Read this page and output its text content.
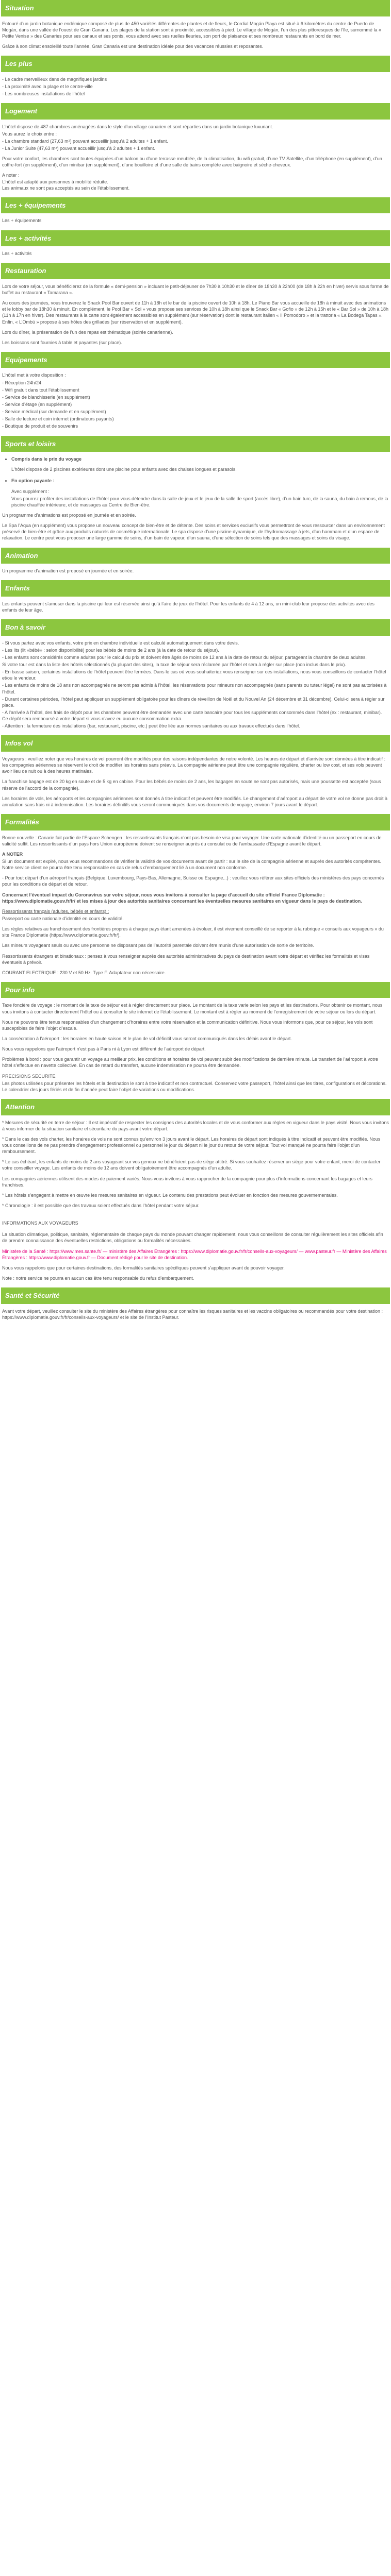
Situation

Entouré d’un jardin botanique endémique composé de plus de 450 variétés différentes de plantes et de fleurs, le Cordial Mogán Playa est situé à 6 kilomètres du centre de Puerto de Mogán, dans une vallée de l’ouest de Gran Canaria. Les plages de la station sont à proximité, accessibles à pied. Le village de Mogán, l’un des plus pittoresques de l’île, surnommé la « Petite Venise » des Canaries pour ses canaux et ses ponts, vous attend avec ses ruelles fleuries, son port de plaisance et ses nombreux restaurants en bord de mer.

Grâce à son climat ensoleillé toute l’année, Gran Canaria est une destination idéale pour des vacances réussies et reposantes.

Les plus

- Le cadre merveilleux dans de magnifiques jardins

- La proximité avec la plage et le centre-ville

- Les nombreuses installations de l’hôtel

Logement

L’hôtel dispose de 487 chambres aménagées dans le style d’un village canarien et sont réparties dans un jardin botanique luxuriant.

Vous aurez le choix entre :

- La chambre standard (27,63 m²) pouvant accueillir jusqu’à 2 adultes + 1 enfant.

- La Junior Suite (47,63 m²) pouvant accueillir jusqu’à 2 adultes + 1 enfant.

Pour votre confort, les chambres sont toutes équipées d’un balcon ou d’une terrasse meublée, de la climatisation, du wifi gratuit, d’une TV Satellite, d’un téléphone (en supplément), d’un coffre-fort (en supplément), d’un minibar (en supplément), d’une bouilloire et d’une salle de bains complète avec baignoire et sèche-cheveux.

A noter :
L’hôtel est adapté aux personnes à mobilité réduite.
Les animaux ne sont pas acceptés au sein de l’établissement.

Les + équipements

Les + équipements

Les + activités

Les + activités

Restauration

Lors de votre séjour, vous bénéficierez de la formule « demi-pension » incluant le petit-déjeuner de 7h30 à 10h30 et le dîner de 18h30 à 22h00 (de 18h à 22h en hiver) servis sous forme de buffet au restaurant « Tamarana ».

Au cours des journées, vous trouverez le Snack Pool Bar ouvert de 11h à 18h et le bar de la piscine ouvert de 10h à 18h. Le Piano Bar vous accueille de 18h à minuit avec des animations et le lobby bar de 18h30 à minuit. En complément, le Pool Bar « Sol » vous propose ses services de 10h à 18h ainsi que le Snack Bar « Gofio » de 12h à 15h et le « Bar Sol » de 10h à 18h (11h à 17h en hiver). Des restaurants à la carte sont également accessibles en supplément (sur réservation) dont le restaurant italien « Il Pomodoro » et la trattoria « La Bodega Tapas ». Enfin, « L’Ombú » propose à ses hôtes des grillades (sur réservation et en supplément).

Lors du dîner, la présentation de l’un des repas est thématique (soirée canarienne).

Les boissons sont fournies à table et payantes (sur place).

Equipements

L’hôtel met à votre disposition :

- Réception 24h/24

- Wifi gratuit dans tout l’établissement

- Service de blanchisserie (en supplément)

- Service d’étage (en supplément)

- Service médical (sur demande et en supplément)

- Salle de lecture et coin internet (ordinateurs payants)

- Boutique de produit et de souvenirs

Sports et loisirs
• Compris dans le prix du voyage

L’hôtel dispose de 2 piscines extérieures dont une piscine pour enfants avec des chaises longues et parasols.

• En option payante :

Avec supplément :

Vous pourrez profiter des installations de l’hôtel pour vous détendre dans la salle de jeux et le jeux de la salle de sport (accès libre), d’un bain turc, de la sauna, du bain à remous, de la piscine chauffée intérieure, et de massages au Centre de Bien-être.

Un programme d’animations est proposé en journée et en soirée.

Le Spa l’Aqua (en supplément) vous propose un nouveau concept de bien-être et de détente. Des soins et services exclusifs vous permettront de vous ressourcer dans un environnement préservé de bien-être et grâce aux produits naturels de cosmétique internationale. Le spa dispose d’une piscine dynamique, de l’hydromassage à jets, d’un hammam et d’un espace de relaxation. Le centre peut vous proposer une large gamme de soins, d’un bain de vapeur, d’un sauna, d’une sélection de soins tels que des massages et soins du visage.

Animation

Un programme d’animation est proposé en journée et en soirée.

Enfants

Les enfants peuvent s’amuser dans la piscine qui leur est réservée ainsi qu’à l’aire de jeux de l’hôtel. Pour les enfants de 4 à 12 ans, un mini-club leur propose des activités avec des enfants de leur âge.

Bon à savoir

- Si vous partez avec vos enfants, votre prix en chambre individuelle est calculé automatiquement dans votre devis.

- Les lits (lit «bébé» : selon disponibilité) pour les bébés de moins de 2 ans (à la date de retour du séjour).

- Les enfants sont considérés comme adultes pour le calcul du prix et doivent être âgés de moins de 12 ans à la date de retour du séjour, partageant la chambre de deux adultes.

Si votre tour est dans la liste des hôtels sélectionnés (la plupart des sites), la taxe de séjour sera réclamée par l’hôtel et sera à régler sur place (non inclus dans le prix).

- En basse saison, certaines installations de l’hôtel peuvent être fermées. Dans le cas où vous souhaiteriez vous renseigner sur ces installations, nous vous conseillons de contacter l’hôtel et/ou le vendeur.

- Les enfants de moins de 18 ans non accompagnés ne seront pas admis à l’hôtel, les réservations pour mineurs non accompagnés (sans parents ou tuteur légal) ne sont pas autorisées à l’hôtel.

- Durant certaines périodes, l’hôtel peut appliquer un supplément obligatoire pour les dîners de réveillon de Noël et du Nouvel An (24 décembre et 31 décembre). Celui-ci sera à régler sur place.

- A l’arrivée à l’hôtel, des frais de dépôt pour les chambres peuvent être demandés avec une carte bancaire pour tous les suppléments consommés dans l’hôtel (ex : restaurant, minibar). Ce dépôt sera remboursé à votre départ si vous n’avez eu aucune consommation extra.

- Attention : la fermeture des installations (bar, restaurant, piscine, etc.) peut être liée aux normes sanitaires ou aux travaux effectués dans l’hôtel.

Infos vol

Voyageurs : veuillez noter que vos horaires de vol pourront être modifiés pour des raisons indépendantes de notre volonté. Les heures de départ et d’arrivée sont données à titre indicatif : les compagnies aériennes se réservent le droit de modifier les horaires sans préavis. La compagnie aérienne peut être une compagnie régulière, charter ou low cost, et ses vols peuvent avoir lieu de nuit ou à des heures matinales.

La franchise bagage est de 20 kg en soute et de 5 kg en cabine. Pour les bébés de moins de 2 ans, les bagages en soute ne sont pas autorisés, mais une poussette est acceptée (sous réserve de l’accord de la compagnie).

Les horaires de vols, les aéroports et les compagnies aériennes sont donnés à titre indicatif et peuvent être modifiés. Le changement d’aéroport au départ de votre vol ne donne pas droit à annulation sans frais ni à indemnisation. Les horaires définitifs vous seront communiqués dans vos documents de voyage, environ 7 jours avant le départ.

Formalités

Bonne nouvelle : Canarie fait partie de l’Espace Schengen : les ressortissants français n’ont pas besoin de visa pour voyager. Une carte nationale d’identité ou un passeport en cours de validité suffit. Les ressortissants d’un pays hors Union européenne doivent se renseigner auprès du consulat ou de l’ambassade d’Espagne avant le départ.

A NOTER

Si un document est expiré, nous vous recommandons de vérifier la validité de vos documents avant de partir : sur le site de la compagnie aérienne et auprès des autorités compétentes. Notre service client ne pourra être tenu responsable en cas de refus d’embarquement lié à un document non conforme.

- Pour tout départ d’un aéroport français (Belgique, Luxembourg, Pays-Bas, Allemagne, Suisse ou Espagne...) : veuillez vous référer aux sites officiels des ministères des pays concernés pour les conditions de départ et de retour.

Concernant l’éventuel impact du Coronavirus sur votre séjour, nous vous invitons à consulter la page d’accueil du site officiel France Diplomatie : https://www.diplomatie.gouv.fr/fr/ et les mises à jour des autorités sanitaires concernant les éventuelles mesures sanitaires en vigueur dans le pays de destination.

Ressortissants français (adultes, bébés et enfants) :

Passeport ou carte nationale d’identité en cours de validité.

Les règles relatives au franchissement des frontières propres à chaque pays étant amenées à évoluer, il est vivement conseillé de se reporter à la rubrique « conseils aux voyageurs » du site France Diplomatie (https://www.diplomatie.gouv.fr/fr/).

Les mineurs voyageant seuls ou avec une personne ne disposant pas de l’autorité parentale doivent être munis d’une autorisation de sortie de territoire.

Ressortissants étrangers et binationaux : pensez à vous renseigner auprès des autorités administratives du pays de destination avant votre départ et vérifiez les formalités et visas éventuels à prévoir.

COURANT ELECTRIQUE : 230 V et 50 Hz. Type F. Adaptateur non nécessaire.

Pour info

Taxe foncière de voyage : le montant de la taxe de séjour est à régler directement sur place. Le montant de la taxe varie selon les pays et les destinations. Pour obtenir ce montant, nous vous invitons à contacter directement l’hôtel ou à consulter le site internet de l’établissement. Le montant est à régler au moment de l’enregistrement de votre séjour ou lors du départ.

Nous ne pouvons être tenus responsables d’un changement d’horaires entre votre réservation et la communication définitive. Nous vous informons que, pour ce séjour, les vols sont susceptibles de faire l’objet d’escale.

La consécration à l’aéroport : les horaires en haute saison et le plan de vol définitif vous seront communiqués dans les délais avant le départ.

Nous vous rappelons que l’aéroport n’est pas à Paris ni à Lyon est diffèrent de l’aéroport de départ.

Problèmes à bord : pour vous garantir un voyage au meilleur prix, les conditions et horaires de vol peuvent subir des modifications de dernière minute. Le transfert de l’aéroport à votre hôtel s’effectue en navette collective. En cas de retard du transfert, aucune indemnisation ne pourra être demandée.

PRECISIONS SECURITE

Les photos utilisées pour présenter les hôtels et la destination le sont à titre indicatif et non contractuel. Conservez votre passeport, l’hôtel ainsi que les titres, configurations et décorations. Le calendrier des jours fériés et de fin d’année peut faire l’objet de variations ou modifications.

Attention

* Mesures de sécurité en terre de séjour : Il est impératif de respecter les consignes des autorités locales et de vous conformer aux règles en vigueur dans le pays visité. Nous vous invitons à vous informer de la situation sanitaire et sécuritaire du pays avant votre départ.

* Dans le cas des vols charter, les horaires de vols ne sont connus qu’environ 3 jours avant le départ. Les horaires de départ sont indiqués à titre indicatif et peuvent être modifiés. Nous vous conseillons de ne pas prendre d’engagement professionnel ou personnel le jour du départ ni le jour du retour de votre séjour. Tout vol manqué ne pourra faire l’objet d’un remboursement.

* Le cas échéant, les enfants de moins de 2 ans voyageant sur vos genoux ne bénéficient pas de siège attitré. Si vous souhaitez réserver un siège pour votre enfant, merci de contacter votre conseiller voyage. Les enfants de moins de 12 ans doivent obligatoirement être accompagnés d’un adulte.

Les compagnies aériennes utilisent des modes de paiement variés. Nous vous invitons à vous rapprocher de la compagnie pour plus d’informations concernant les bagages et leurs franchises.

* Les hôtels s’engagent à mettre en œuvre les mesures sanitaires en vigueur. Le contenu des prestations peut évoluer en fonction des mesures gouvernementales.

* Chronologie : il est possible que des travaux soient effectués dans l’hôtel pendant votre séjour.

INFORMATIONS AUX VOYAGEURS

La situation climatique, politique, sanitaire, réglementaire de chaque pays du monde pouvant changer rapidement, nous vous conseillons de consulter régulièrement les sites officiels afin de prendre connaissance des éventuelles restrictions, obligations ou formalités nécessaires.

Ministère de la Santé : https://www.mes.sante.fr/ — ministère des Affaires Étrangères : https://www.diplomatie.gouv.fr/fr/conseils-aux-voyageurs/ — www.pasteur.fr — Ministère des Affaires Étrangères : https://www.diplomatie.gouv.fr — Document rédigé pour le site de destination.

Nous vous rappelons que pour certaines destinations, des formalités sanitaires spécifiques peuvent s’appliquer avant de pouvoir voyager.

Note : notre service ne pourra en aucun cas être tenu responsable du refus d’embarquement.

Santé et Sécurité

Avant votre départ, veuillez consulter le site du ministère des Affaires étrangères pour connaître les risques sanitaires et les vaccins obligatoires ou recommandés pour votre destination : https://www.diplomatie.gouv.fr/fr/conseils-aux-voyageurs/ et le site de l’Institut Pasteur.
